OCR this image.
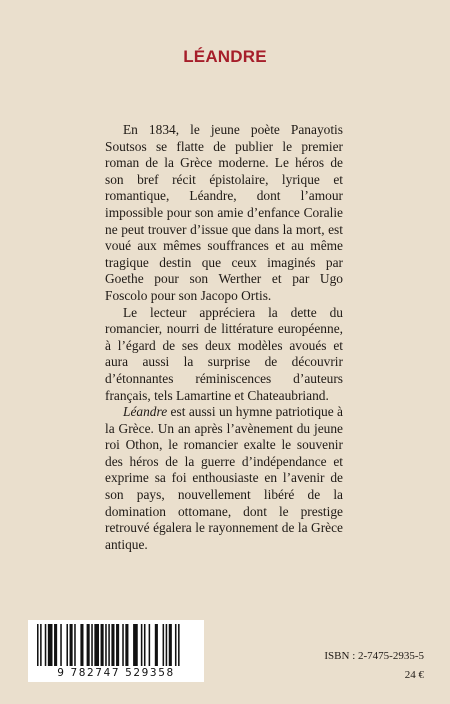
LÉANDRE

En 1834, le jeune poète Panayotis Soutsos se flatte de publier le premier roman de la Grèce moderne. Le héros de son bref récit épistolaire, lyrique et romantique, Léandre, dont l’amour impossible pour son amie d’enfance Coralie ne peut trouver d’issue que dans la mort, est voué aux mêmes souffrances et au même tragique destin que ceux imaginés par Goethe pour son Werther et par Ugo Foscolo pour son Jacopo Ortis.

Le lecteur appréciera la dette du romancier, nourri de littérature européenne, à l’égard de ses deux modèles avoués et aura aussi la surprise de découvrir d’étonnantes réminiscences d’auteurs français, tels Lamartine et Chateaubriand.

Léandre est aussi un hymne patriotique à la Grèce. Un an après l’avènement du jeune roi Othon, le romancier exalte le souvenir des héros de la guerre d’indépendance et exprime sa foi enthousiaste en l’avenir de son pays, nouvellement libéré de la domination ottomane, dont le prestige retrouvé égalera le rayonnement de la Grèce antique.

9 782747 529358
ISBN : 2-7475-2935-5
24 €
